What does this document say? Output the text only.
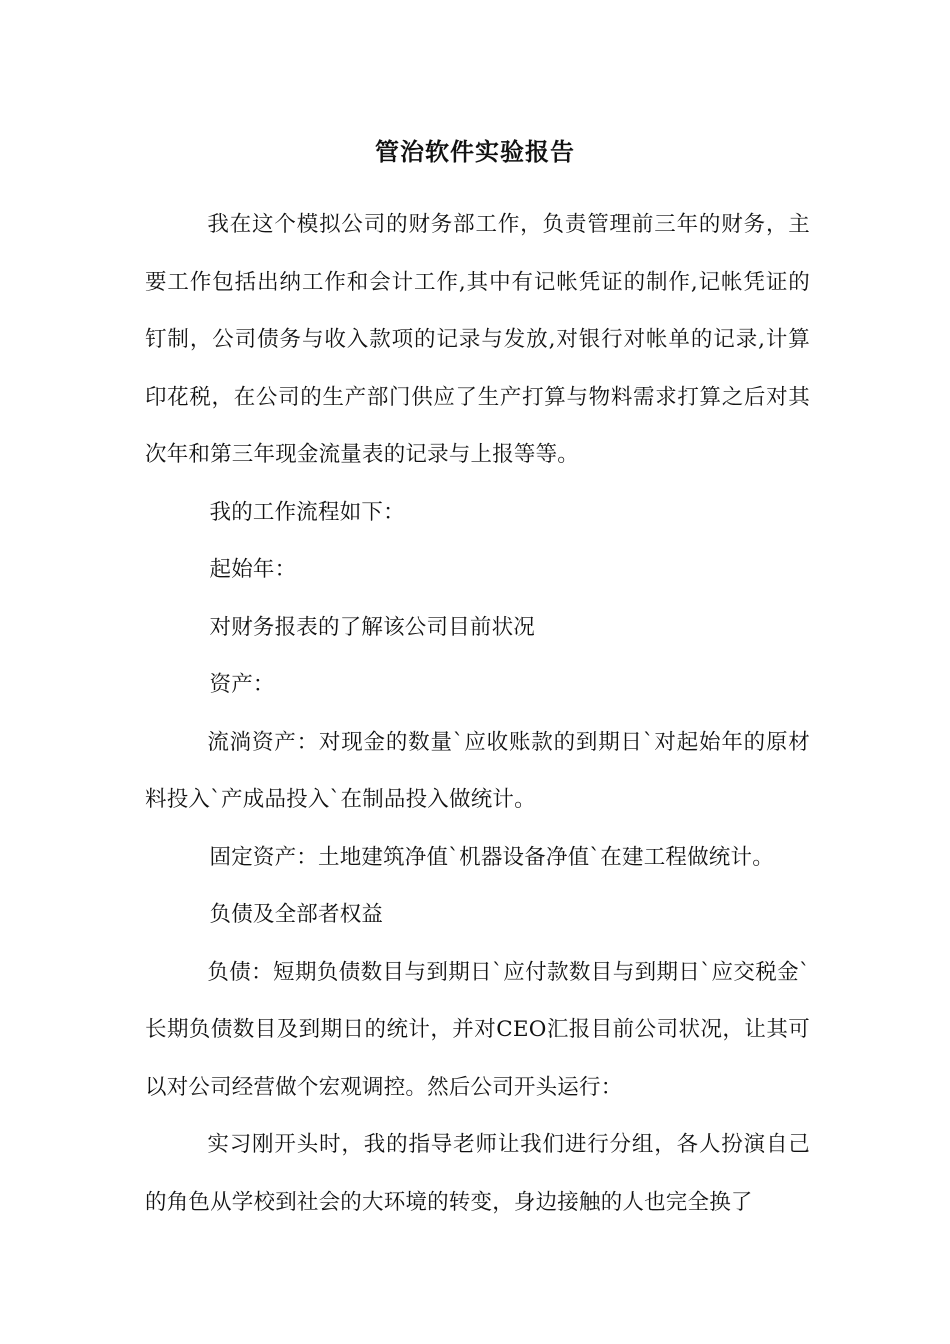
管治软件实验报告

我在这个模拟公司的财务部工作，负责管理前三年的财务，主要工作包括出纳工作和会计工作,其中有记帐凭证的制作,记帐凭证的钉制，公司债务与收入款项的记录与发放,对银行对帐单的记录,计算印花税，在公司的生产部门供应了生产打算与物料需求打算之后对其次年和第三年现金流量表的记录与上报等等。

我的工作流程如下：

起始年：

对财务报表的了解该公司目前状况

资产：

流淌资产：对现金的数量`应收账款的到期日`对起始年的原材料投入`产成品投入`在制品投入做统计。

固定资产：土地建筑净值`机器设备净值`在建工程做统计。

负债及全部者权益

负债：短期负债数目与到期日`应付款数目与到期日`应交税金`长期负债数目及到期日的统计，并对CEO汇报目前公司状况，让其可以对公司经营做个宏观调控。然后公司开头运行：

实习刚开头时，我的指导老师让我们进行分组，各人扮演自己的角色从学校到社会的大环境的转变，身边接触的人也完全换了
